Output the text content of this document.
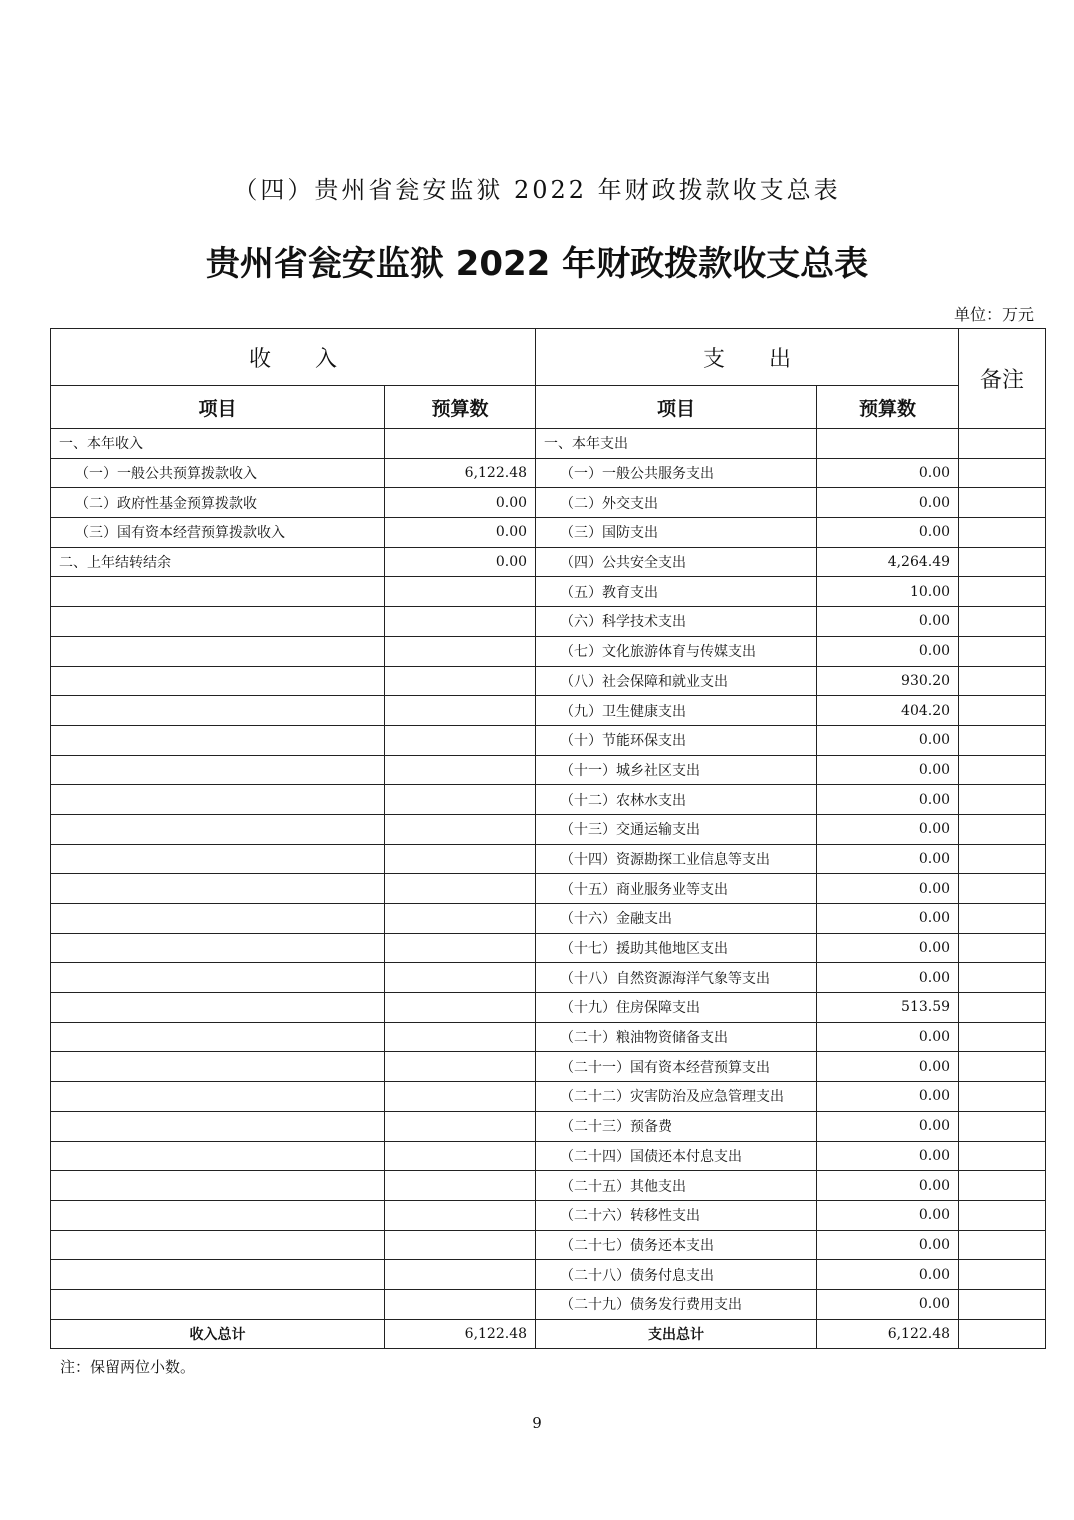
（四）贵州省瓮安监狱 2022 年财政拨款收支总表
贵州省瓮安监狱 2022 年财政拨款收支总表
单位：万元
收　　入		支　　出		备注
项目	预算数	项目	预算数	
一、本年收入		一、本年支出		
（一）一般公共预算拨款收入	6,122.48	（一）一般公共服务支出	0.00	
（二）政府性基金预算拨款收	0.00	（二）外交支出	0.00	
（三）国有资本经营预算拨款收入	0.00	（三）国防支出	0.00	
二、上年结转结余	0.00	（四）公共安全支出	4,264.49	
		（五）教育支出	10.00	
		（六）科学技术支出	0.00	
		（七）文化旅游体育与传媒支出	0.00	
		（八）社会保障和就业支出	930.20	
		（九）卫生健康支出	404.20	
		（十）节能环保支出	0.00	
		（十一）城乡社区支出	0.00	
		（十二）农林水支出	0.00	
		（十三）交通运输支出	0.00	
		（十四）资源勘探工业信息等支出	0.00	
		（十五）商业服务业等支出	0.00	
		（十六）金融支出	0.00	
		（十七）援助其他地区支出	0.00	
		（十八）自然资源海洋气象等支出	0.00	
		（十九）住房保障支出	513.59	
		（二十）粮油物资储备支出	0.00	
		（二十一）国有资本经营预算支出	0.00	
		（二十二）灾害防治及应急管理支出	0.00	
		（二十三）预备费	0.00	
		（二十四）国债还本付息支出	0.00	
		（二十五）其他支出	0.00	
		（二十六）转移性支出	0.00	
		（二十七）债务还本支出	0.00	
		（二十八）债务付息支出	0.00	
		（二十九）债务发行费用支出	0.00	
收入总计	6,122.48	支出总计	6,122.48	
注：保留两位小数。
9
